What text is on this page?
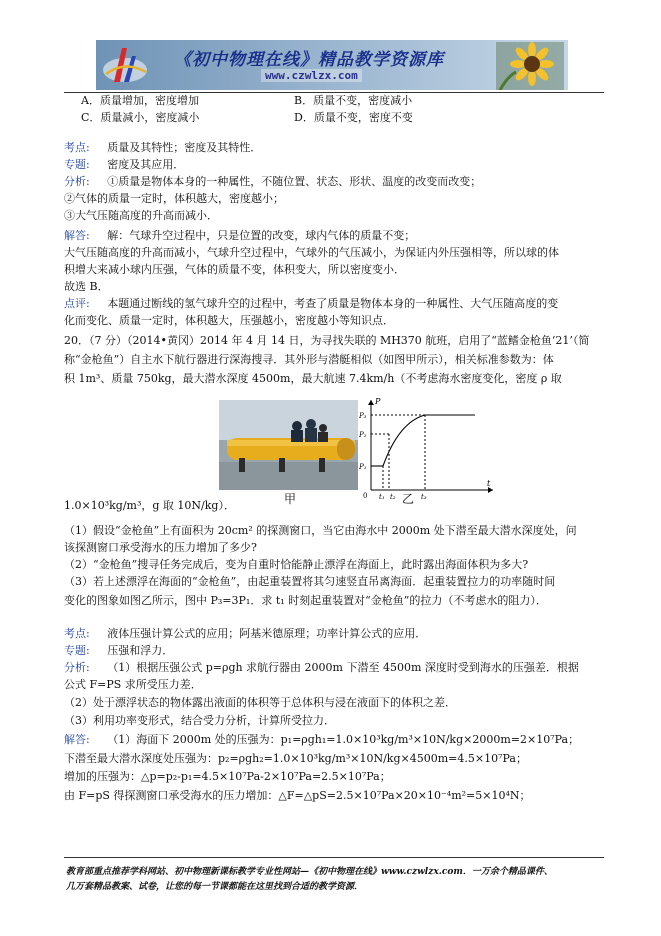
《初中物理在线》精品教学资源库
www.czwlzx.com
A．质量增加，密度增加	B．质量不变，密度减小
C．质量减小，密度减小	D．质量不变，密度不变
考点: 质量及其特性；密度及其特性．
专题: 密度及其应用．
分析: ①质量是物体本身的一种属性，不随位置、状态、形状、温度的改变而改变；
②气体的质量一定时，体积越大，密度越小；
③大气压随高度的升高而减小．
解答: 解：气球升空过程中，只是位置的改变，球内气体的质量不变；
大气压随高度的升高而减小，气球升空过程中，气球外的气压减小，为保证内外压强相等，所以球的体
积增大来减小球内压强，气体的质量不变，体积变大，所以密度变小．
故选 B．
点评: 本题通过断线的氢气球升空的过程中，考查了质量是物体本身的一种属性、大气压随高度的变
化而变化、质量一定时，体积越大，压强越小，密度越小等知识点．
20．（7 分）（2014•黄冈）2014 年 4 月 14 日，为寻找失联的 MH370 航班，启用了“蓝鳍金枪鱼‘21’（简
称“金枪鱼”）自主水下航行器进行深海搜寻．其外形与潜艇相似（如图甲所示），相关标准参数为：体
积 1m³、质量 750kg，最大潜水深度 4500m，最大航速 7.4km/h（不考虑海水密度变化，密度 ρ 取
P
t
P₃
P₂
P₁
0 t₁ t₂	t₃
甲	乙
1.0×10³kg/m³，g 取 10N/kg）．
（1）假设“金枪鱼”上有面积为 20cm² 的探测窗口，当它由海水中 2000m 处下潜至最大潜水深度处，问
该探测窗口承受海水的压力增加了多少?
（2）“金枪鱼”搜寻任务完成后，变为自重时恰能静止漂浮在海面上，此时露出海面体积为多大?
（3）若上述漂浮在海面的“金枪鱼”，由起重装置将其匀速竖直吊离海面．起重装置拉力的功率随时间
变化的图象如图乙所示，图中 P₃=3P₁．求 t₁ 时刻起重装置对“金枪鱼”的拉力（不考虑水的阻力）．
考点: 液体压强计算公式的应用；阿基米德原理；功率计算公式的应用．
专题: 压强和浮力．
分析: （1）根据压强公式 p=ρgh 求航行器由 2000m 下潜至 4500m 深度时受到海水的压强差．根据
公式 F=PS 求所受压力差．
（2）处于漂浮状态的物体露出液面的体积等于总体积与浸在液面下的体积之差．
（3）利用功率变形式，结合受力分析，计算所受拉力．
解答: （1）海面下 2000m 处的压强为：p₁=ρgh₁=1.0×10³kg/m³×10N/kg×2000m=2×10⁷Pa；
下潜至最大潜水深度处压强为：p₂=ρgh₂=1.0×10³kg/m³×10N/kg×4500m=4.5×10⁷Pa；
增加的压强为：△p=p₂-p₁=4.5×10⁷Pa-2×10⁷Pa=2.5×10⁷Pa；
由 F=pS 得探测窗口承受海水的压力增加：△F=△pS=2.5×10⁷Pa×20×10⁻⁴m²=5×10⁴N；
教育部重点推荐学科网站、初中物理新课标教学专业性网站—《初中物理在线》www.czwlzx.com．一万余个精品课件、
几万套精品教案、试卷，让您的每一节课都能在这里找到合适的教学资源．
